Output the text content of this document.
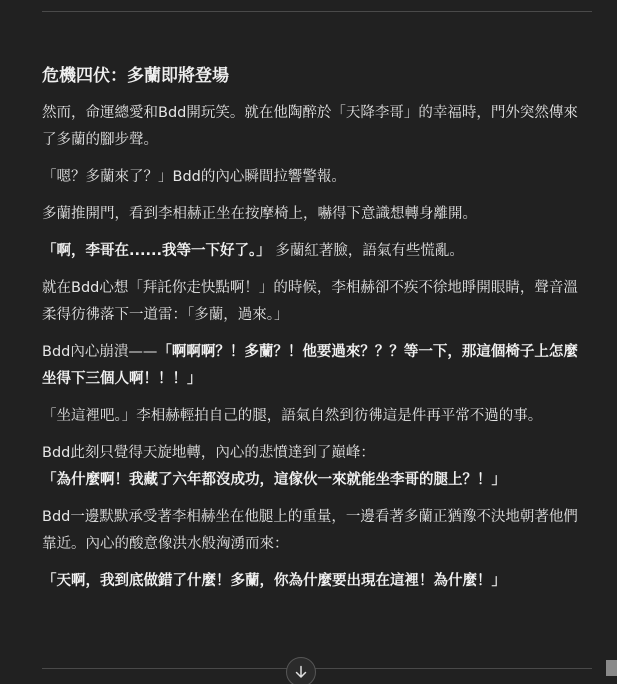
危機四伏：多蘭即將登場

然而，命運總愛和Bdd開玩笑。就在他陶醉於「天降李哥」的幸福時，門外突然傳來了多蘭的腳步聲。

「嗯？多蘭來了？」Bdd的內心瞬間拉響警報。

多蘭推開門，看到李相赫正坐在按摩椅上，嚇得下意識想轉身離開。

「啊，李哥在......我等一下好了。」 多蘭紅著臉，語氣有些慌亂。

就在Bdd心想「拜託你走快點啊！」的時候，李相赫卻不疾不徐地睜開眼睛，聲音溫柔得彷彿落下一道雷：「多蘭，過來。」

Bdd內心崩潰——「啊啊啊？！多蘭？！他要過來？？？等一下，那這個椅子上怎麼坐得下三個人啊！！！」

「坐這裡吧。」李相赫輕拍自己的腿，語氣自然到彷彿這是件再平常不過的事。

Bdd此刻只覺得天旋地轉，內心的悲憤達到了巔峰：

「為什麼啊！我藏了六年都沒成功，這傢伙一來就能坐李哥的腿上？！」

Bdd一邊默默承受著李相赫坐在他腿上的重量，一邊看著多蘭正猶豫不決地朝著他們靠近。內心的酸意像洪水般洶湧而來：

「天啊，我到底做錯了什麼！多蘭，你為什麼要出現在這裡！為什麼！」
